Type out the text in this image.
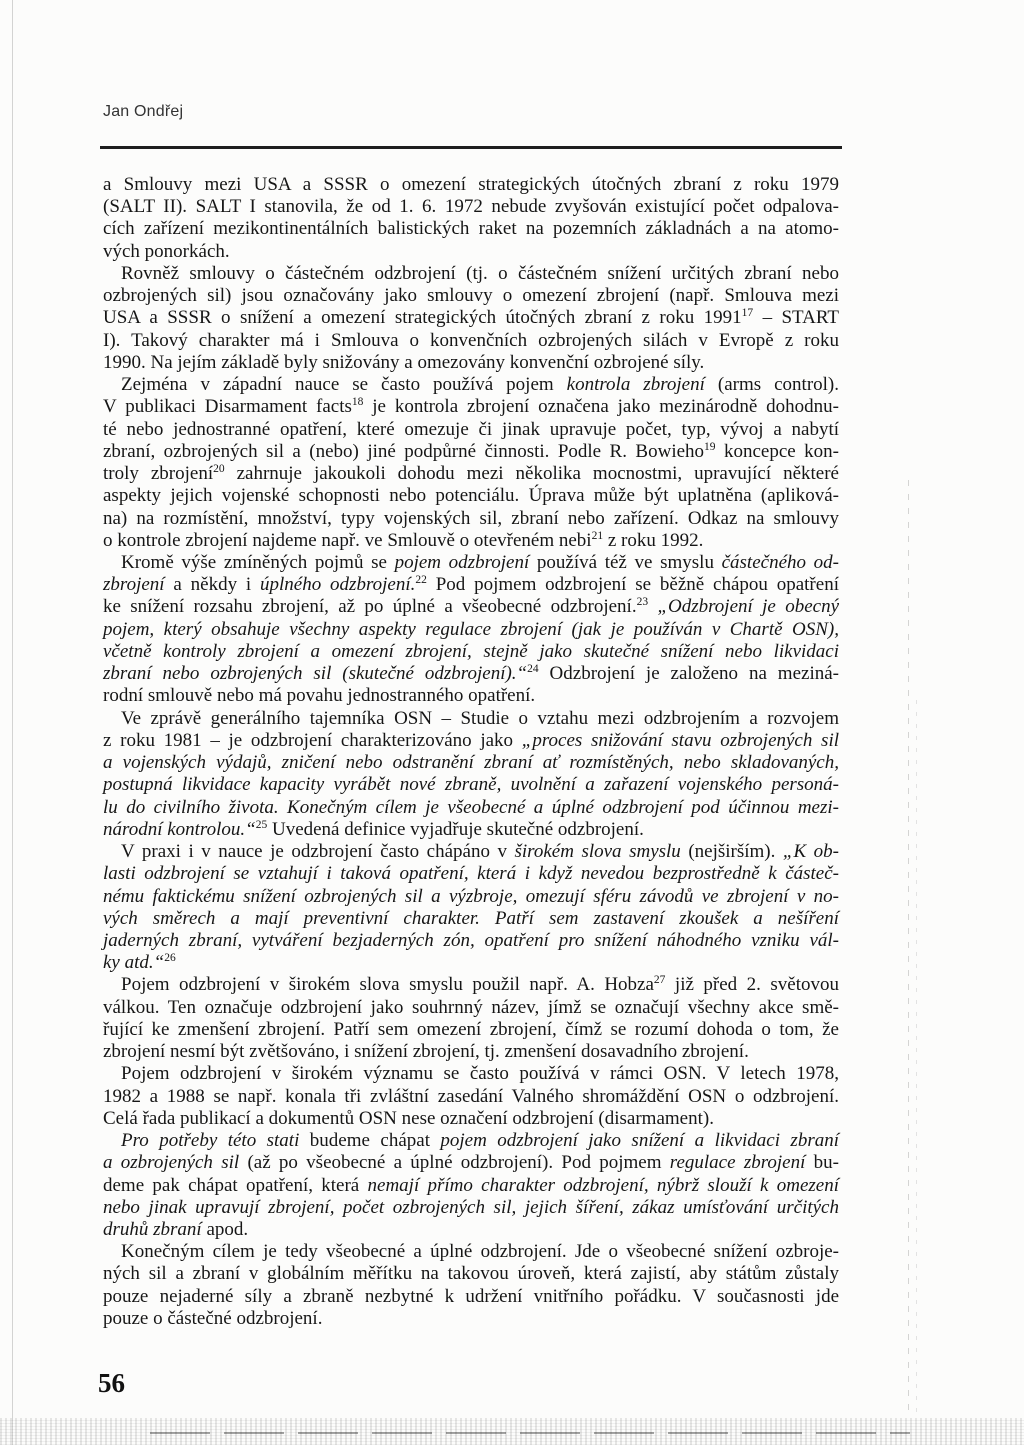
Jan Ondřej
a Smlouvy mezi USA a SSSR o omezení strategických útočných zbraní z roku 1979
(SALT II). SALT I stanovila, že od 1. 6. 1972 nebude zvyšován existující počet odpalova-
cích zařízení mezikontinentálních balistických raket na pozemních základnách a na atomo-
vých ponorkách.
Rovněž smlouvy o částečném odzbrojení (tj. o částečném snížení určitých zbraní nebo
ozbrojených sil) jsou označovány jako smlouvy o omezení zbrojení (např. Smlouva mezi
USA a SSSR o snížení a omezení strategických útočných zbraní z roku 1991$^{17}$ – START
I). Takový charakter má i Smlouva o konvenčních ozbrojených silách v Evropě z roku
1990. Na jejím základě byly snižovány a omezovány konvenční ozbrojené síly.
Zejména v západní nauce se často používá pojem kontrola zbrojení (arms control).
V publikaci Disarmament facts$^{18}$ je kontrola zbrojení označena jako mezinárodně dohodnu-
té nebo jednostranné opatření, které omezuje či jinak upravuje počet, typ, vývoj a nabytí
zbraní, ozbrojených sil a (nebo) jiné podpůrné činnosti. Podle R. Bowieho$^{19}$ koncepce kon-
troly zbrojení$^{20}$ zahrnuje jakoukoli dohodu mezi několika mocnostmi, upravující některé
aspekty jejich vojenské schopnosti nebo potenciálu. Úprava může být uplatněna (apliková-
na) na rozmístění, množství, typy vojenských sil, zbraní nebo zařízení. Odkaz na smlouvy
o kontrole zbrojení najdeme např. ve Smlouvě o otevřeném nebi$^{21}$ z roku 1992.
Kromě výše zmíněných pojmů se pojem odzbrojení používá též ve smyslu částečného od-
zbrojení a někdy i úplného odzbrojení.$^{22}$ Pod pojmem odzbrojení se běžně chápou opatření
ke snížení rozsahu zbrojení, až po úplné a všeobecné odzbrojení.$^{23}$ „Odzbrojení je obecný
pojem, který obsahuje všechny aspekty regulace zbrojení (jak je používán v Chartě OSN),
včetně kontroly zbrojení a omezení zbrojení, stejně jako skutečné snížení nebo likvidaci
zbraní nebo ozbrojených sil (skutečné odzbrojení).“$^{24}$ Odzbrojení je založeno na meziná-
rodní smlouvě nebo má povahu jednostranného opatření.
Ve zprávě generálního tajemníka OSN – Studie o vztahu mezi odzbrojením a rozvojem
z roku 1981 – je odzbrojení charakterizováno jako „proces snižování stavu ozbrojených sil
a vojenských výdajů, zničení nebo odstranění zbraní ať rozmístěných, nebo skladovaných,
postupná likvidace kapacity vyrábět nové zbraně, uvolnění a zařazení vojenského personá-
lu do civilního života. Konečným cílem je všeobecné a úplné odzbrojení pod účinnou mezi-
národní kontrolou.“$^{25}$ Uvedená definice vyjadřuje skutečné odzbrojení.
V praxi i v nauce je odzbrojení často chápáno v širokém slova smyslu (nejširším). „K ob-
lasti odzbrojení se vztahují i taková opatření, která i když nevedou bezprostředně k částeč-
nému faktickému snížení ozbrojených sil a výzbroje, omezují sféru závodů ve zbrojení v no-
vých směrech a mají preventivní charakter. Patří sem zastavení zkoušek a nešíření
jaderných zbraní, vytváření bezjaderných zón, opatření pro snížení náhodného vzniku vál-
ky atd.“$^{26}$
Pojem odzbrojení v širokém slova smyslu použil např. A. Hobza$^{27}$ již před 2. světovou
válkou. Ten označuje odzbrojení jako souhrnný název, jímž se označují všechny akce smě-
řující ke zmenšení zbrojení. Patří sem omezení zbrojení, čímž se rozumí dohoda o tom, že
zbrojení nesmí být zvětšováno, i snížení zbrojení, tj. zmenšení dosavadního zbrojení.
Pojem odzbrojení v širokém významu se často používá v rámci OSN. V letech 1978,
1982 a 1988 se např. konala tři zvláštní zasedání Valného shromáždění OSN o odzbrojení.
Celá řada publikací a dokumentů OSN nese označení odzbrojení (disarmament).
Pro potřeby této stati budeme chápat pojem odzbrojení jako snížení a likvidaci zbraní
a ozbrojených sil (až po všeobecné a úplné odzbrojení). Pod pojmem regulace zbrojení bu-
deme pak chápat opatření, která nemají přímo charakter odzbrojení, nýbrž slouží k omezení
nebo jinak upravují zbrojení, počet ozbrojených sil, jejich šíření, zákaz umísťování určitých
druhů zbraní apod.
Konečným cílem je tedy všeobecné a úplné odzbrojení. Jde o všeobecné snížení ozbroje-
ných sil a zbraní v globálním měřítku na takovou úroveň, která zajistí, aby státům zůstaly
pouze nejaderné síly a zbraně nezbytné k udržení vnitřního pořádku. V současnosti jde
pouze o částečné odzbrojení.
56
